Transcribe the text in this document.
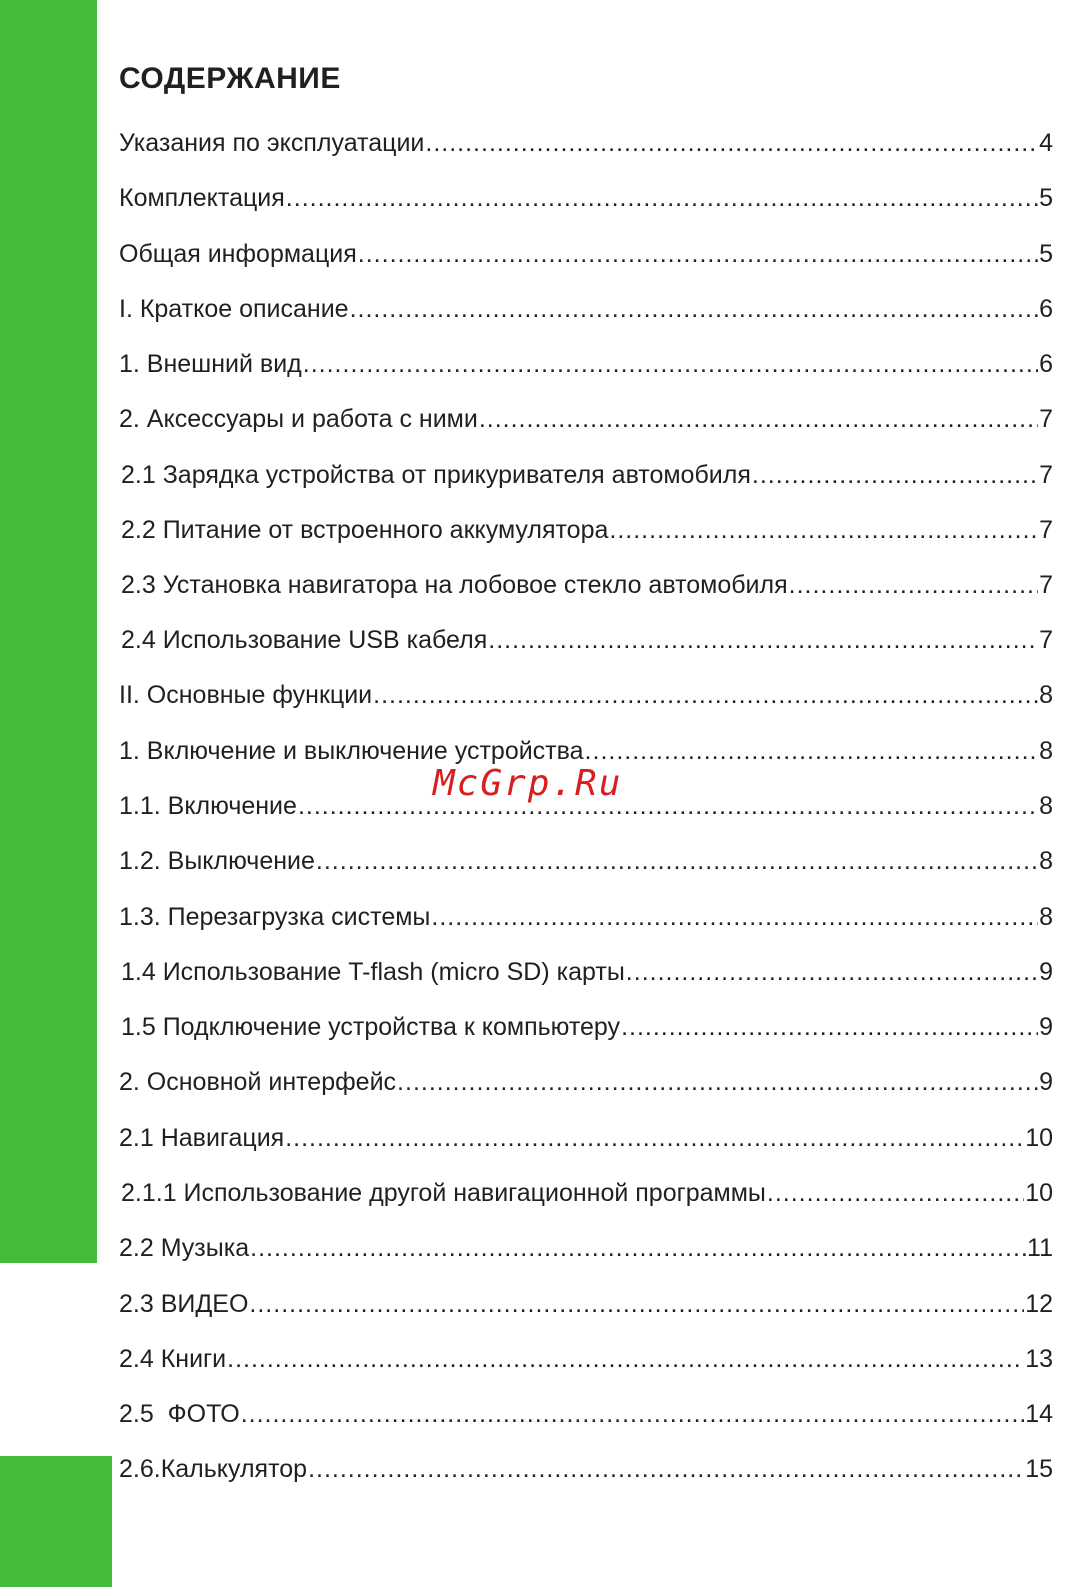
СОДЕРЖАНИЕ
Указания по эксплуатации .....	4
Комплектация .....	5
Общая информация .....	5
I. Краткое описание .....	6
1. Внешний вид .....	6
2. Аксессуары и работа с ними .....	7
2.1 Зарядка устройства от прикуривателя автомобиля .....	7
2.2 Питание от встроенного аккумулятора .....	7
2.3 Установка навигатора на лобовое стекло автомобиля .....	7
2.4 Использование USB кабеля .....	7
II. Основные функции .....	8
1. Включение и выключение устройства .....	8
1.1. Включение .....	8
1.2. Выключение .....	8
1.3. Перезагрузка системы .....	8
1.4 Использование T-flash (micro SD) карты .....	9
1.5 Подключение устройства к компьютеру .....	9
2. Основной интерфейс .....	9
2.1 Навигация .....	10
2.1.1 Использование другой навигационной программы .....	10
2.2 Музыка .....	11
2.3 ВИДЕО .....	12
2.4 Книги .....	13
2.5  ФОТО .....	14
2.6.Калькулятор .....	15
McGrp.Ru
